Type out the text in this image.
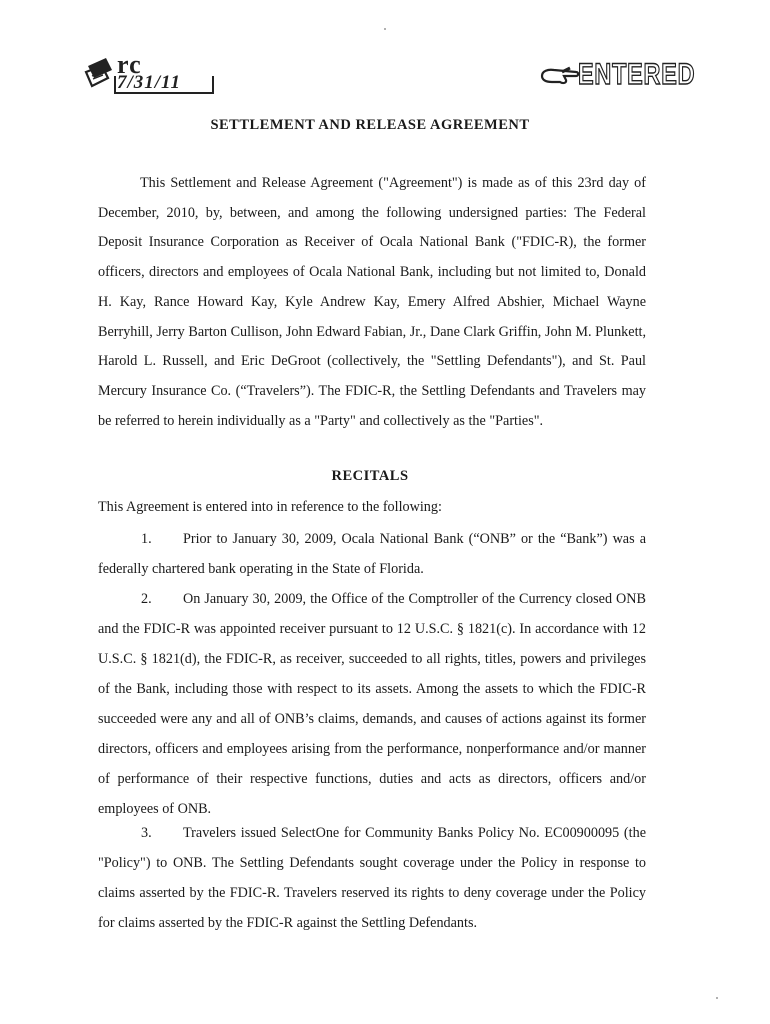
rc
7/31/11	ENTERED
SETTLEMENT AND RELEASE AGREEMENT

This Settlement and Release Agreement ("Agreement") is made as of this 23rd day of December, 2010, by, between, and among the following undersigned parties: The Federal Deposit Insurance Corporation as Receiver of Ocala National Bank ("FDIC-R), the former officers, directors and employees of Ocala National Bank, including but not limited to, Donald H. Kay, Rance Howard Kay, Kyle Andrew Kay, Emery Alfred Abshier, Michael Wayne Berryhill, Jerry Barton Cullison, John Edward Fabian, Jr., Dane Clark Griffin, John M. Plunkett, Harold L. Russell, and Eric DeGroot (collectively, the "Settling Defendants"), and St. Paul Mercury Insurance Co. (“Travelers”). The FDIC-R, the Settling Defendants and Travelers may be referred to herein individually as a "Party" and collectively as the "Parties".

RECITALS

This Agreement is entered into in reference to the following:

1. Prior to January 30, 2009, Ocala National Bank (“ONB” or the “Bank”) was a federally chartered bank operating in the State of Florida.

2. On January 30, 2009, the Office of the Comptroller of the Currency closed ONB and the FDIC-R was appointed receiver pursuant to 12 U.S.C. § 1821(c). In accordance with 12 U.S.C. § 1821(d), the FDIC-R, as receiver, succeeded to all rights, titles, powers and privileges of the Bank, including those with respect to its assets. Among the assets to which the FDIC-R succeeded were any and all of ONB’s claims, demands, and causes of actions against its former directors, officers and employees arising from the performance, nonperformance and/or manner of performance of their respective functions, duties and acts as directors, officers and/or employees of ONB.

3. Travelers issued SelectOne for Community Banks Policy No. EC00900095 (the "Policy") to ONB. The Settling Defendants sought coverage under the Policy in response to claims asserted by the FDIC-R. Travelers reserved its rights to deny coverage under the Policy for claims asserted by the FDIC-R against the Settling Defendants.
